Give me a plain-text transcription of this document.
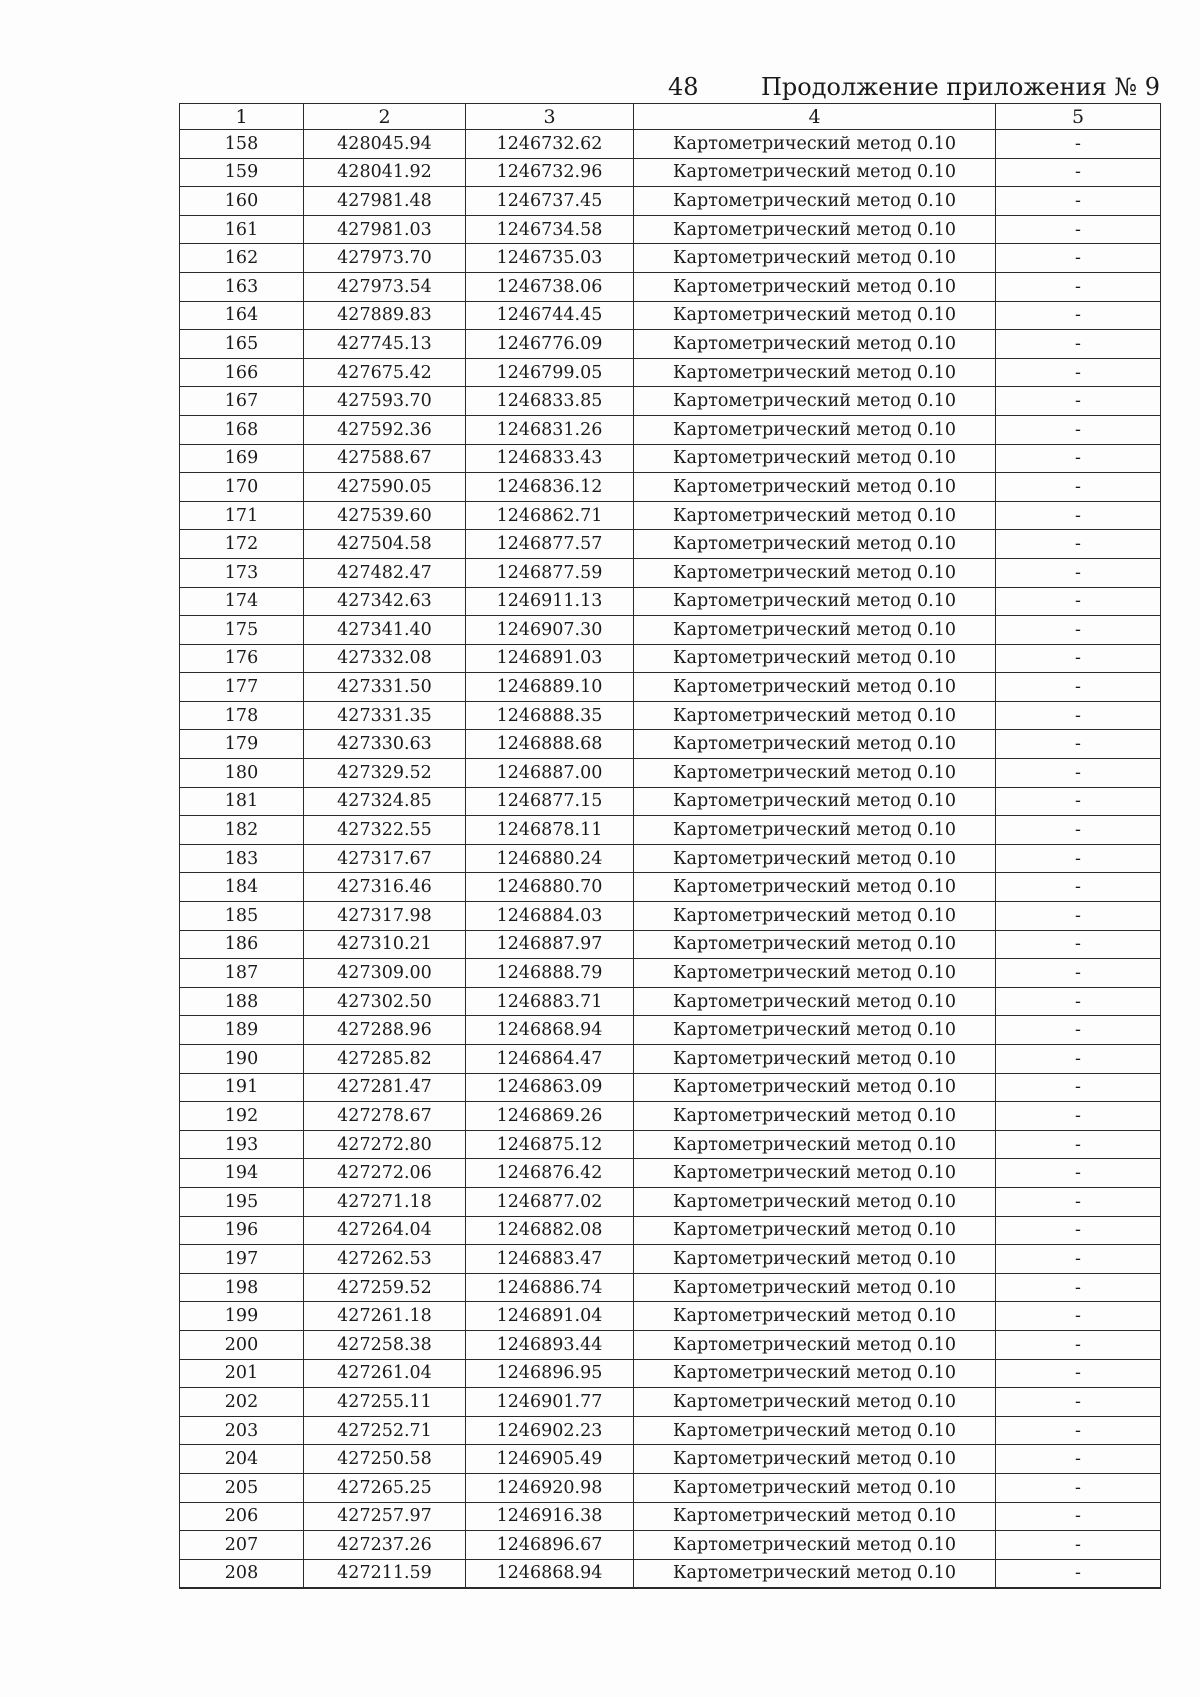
48	Продолжение приложения № 9
1	2	3	4	5
158	428045.94	1246732.62	Картометрический метод 0.10	-
159	428041.92	1246732.96	Картометрический метод 0.10	-
160	427981.48	1246737.45	Картометрический метод 0.10	-
161	427981.03	1246734.58	Картометрический метод 0.10	-
162	427973.70	1246735.03	Картометрический метод 0.10	-
163	427973.54	1246738.06	Картометрический метод 0.10	-
164	427889.83	1246744.45	Картометрический метод 0.10	-
165	427745.13	1246776.09	Картометрический метод 0.10	-
166	427675.42	1246799.05	Картометрический метод 0.10	-
167	427593.70	1246833.85	Картометрический метод 0.10	-
168	427592.36	1246831.26	Картометрический метод 0.10	-
169	427588.67	1246833.43	Картометрический метод 0.10	-
170	427590.05	1246836.12	Картометрический метод 0.10	-
171	427539.60	1246862.71	Картометрический метод 0.10	-
172	427504.58	1246877.57	Картометрический метод 0.10	-
173	427482.47	1246877.59	Картометрический метод 0.10	-
174	427342.63	1246911.13	Картометрический метод 0.10	-
175	427341.40	1246907.30	Картометрический метод 0.10	-
176	427332.08	1246891.03	Картометрический метод 0.10	-
177	427331.50	1246889.10	Картометрический метод 0.10	-
178	427331.35	1246888.35	Картометрический метод 0.10	-
179	427330.63	1246888.68	Картометрический метод 0.10	-
180	427329.52	1246887.00	Картометрический метод 0.10	-
181	427324.85	1246877.15	Картометрический метод 0.10	-
182	427322.55	1246878.11	Картометрический метод 0.10	-
183	427317.67	1246880.24	Картометрический метод 0.10	-
184	427316.46	1246880.70	Картометрический метод 0.10	-
185	427317.98	1246884.03	Картометрический метод 0.10	-
186	427310.21	1246887.97	Картометрический метод 0.10	-
187	427309.00	1246888.79	Картометрический метод 0.10	-
188	427302.50	1246883.71	Картометрический метод 0.10	-
189	427288.96	1246868.94	Картометрический метод 0.10	-
190	427285.82	1246864.47	Картометрический метод 0.10	-
191	427281.47	1246863.09	Картометрический метод 0.10	-
192	427278.67	1246869.26	Картометрический метод 0.10	-
193	427272.80	1246875.12	Картометрический метод 0.10	-
194	427272.06	1246876.42	Картометрический метод 0.10	-
195	427271.18	1246877.02	Картометрический метод 0.10	-
196	427264.04	1246882.08	Картометрический метод 0.10	-
197	427262.53	1246883.47	Картометрический метод 0.10	-
198	427259.52	1246886.74	Картометрический метод 0.10	-
199	427261.18	1246891.04	Картометрический метод 0.10	-
200	427258.38	1246893.44	Картометрический метод 0.10	-
201	427261.04	1246896.95	Картометрический метод 0.10	-
202	427255.11	1246901.77	Картометрический метод 0.10	-
203	427252.71	1246902.23	Картометрический метод 0.10	-
204	427250.58	1246905.49	Картометрический метод 0.10	-
205	427265.25	1246920.98	Картометрический метод 0.10	-
206	427257.97	1246916.38	Картометрический метод 0.10	-
207	427237.26	1246896.67	Картометрический метод 0.10	-
208	427211.59	1246868.94	Картометрический метод 0.10	-
